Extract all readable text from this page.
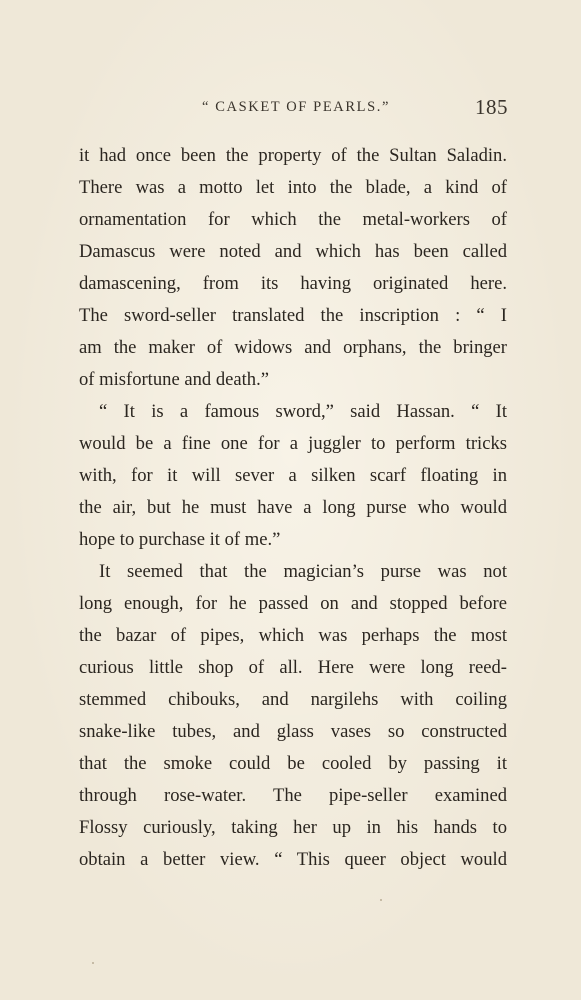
“ CASKET OF PEARLS.”	185
it had once been the property of the Sultan Saladin.
There was a motto let into the blade, a kind of
ornamentation for which the metal-workers of
Damascus were noted and which has been called
damascening, from its having originated here.
The sword-seller translated the inscription : “ I
am the maker of widows and orphans, the bringer
of misfortune and death.”
“ It is a famous sword,” said Hassan. “ It
would be a fine one for a juggler to perform tricks
with, for it will sever a silken scarf floating in
the air, but he must have a long purse who would
hope to purchase it of me.”
It seemed that the magician’s purse was not
long enough, for he passed on and stopped before
the bazar of pipes, which was perhaps the most
curious little shop of all. Here were long reed-
stemmed chibouks, and nargilehs with coiling
snake-like tubes, and glass vases so constructed
that the smoke could be cooled by passing it
through rose-water. The pipe-seller examined
Flossy curiously, taking her up in his hands to
obtain a better view. “ This queer object would
